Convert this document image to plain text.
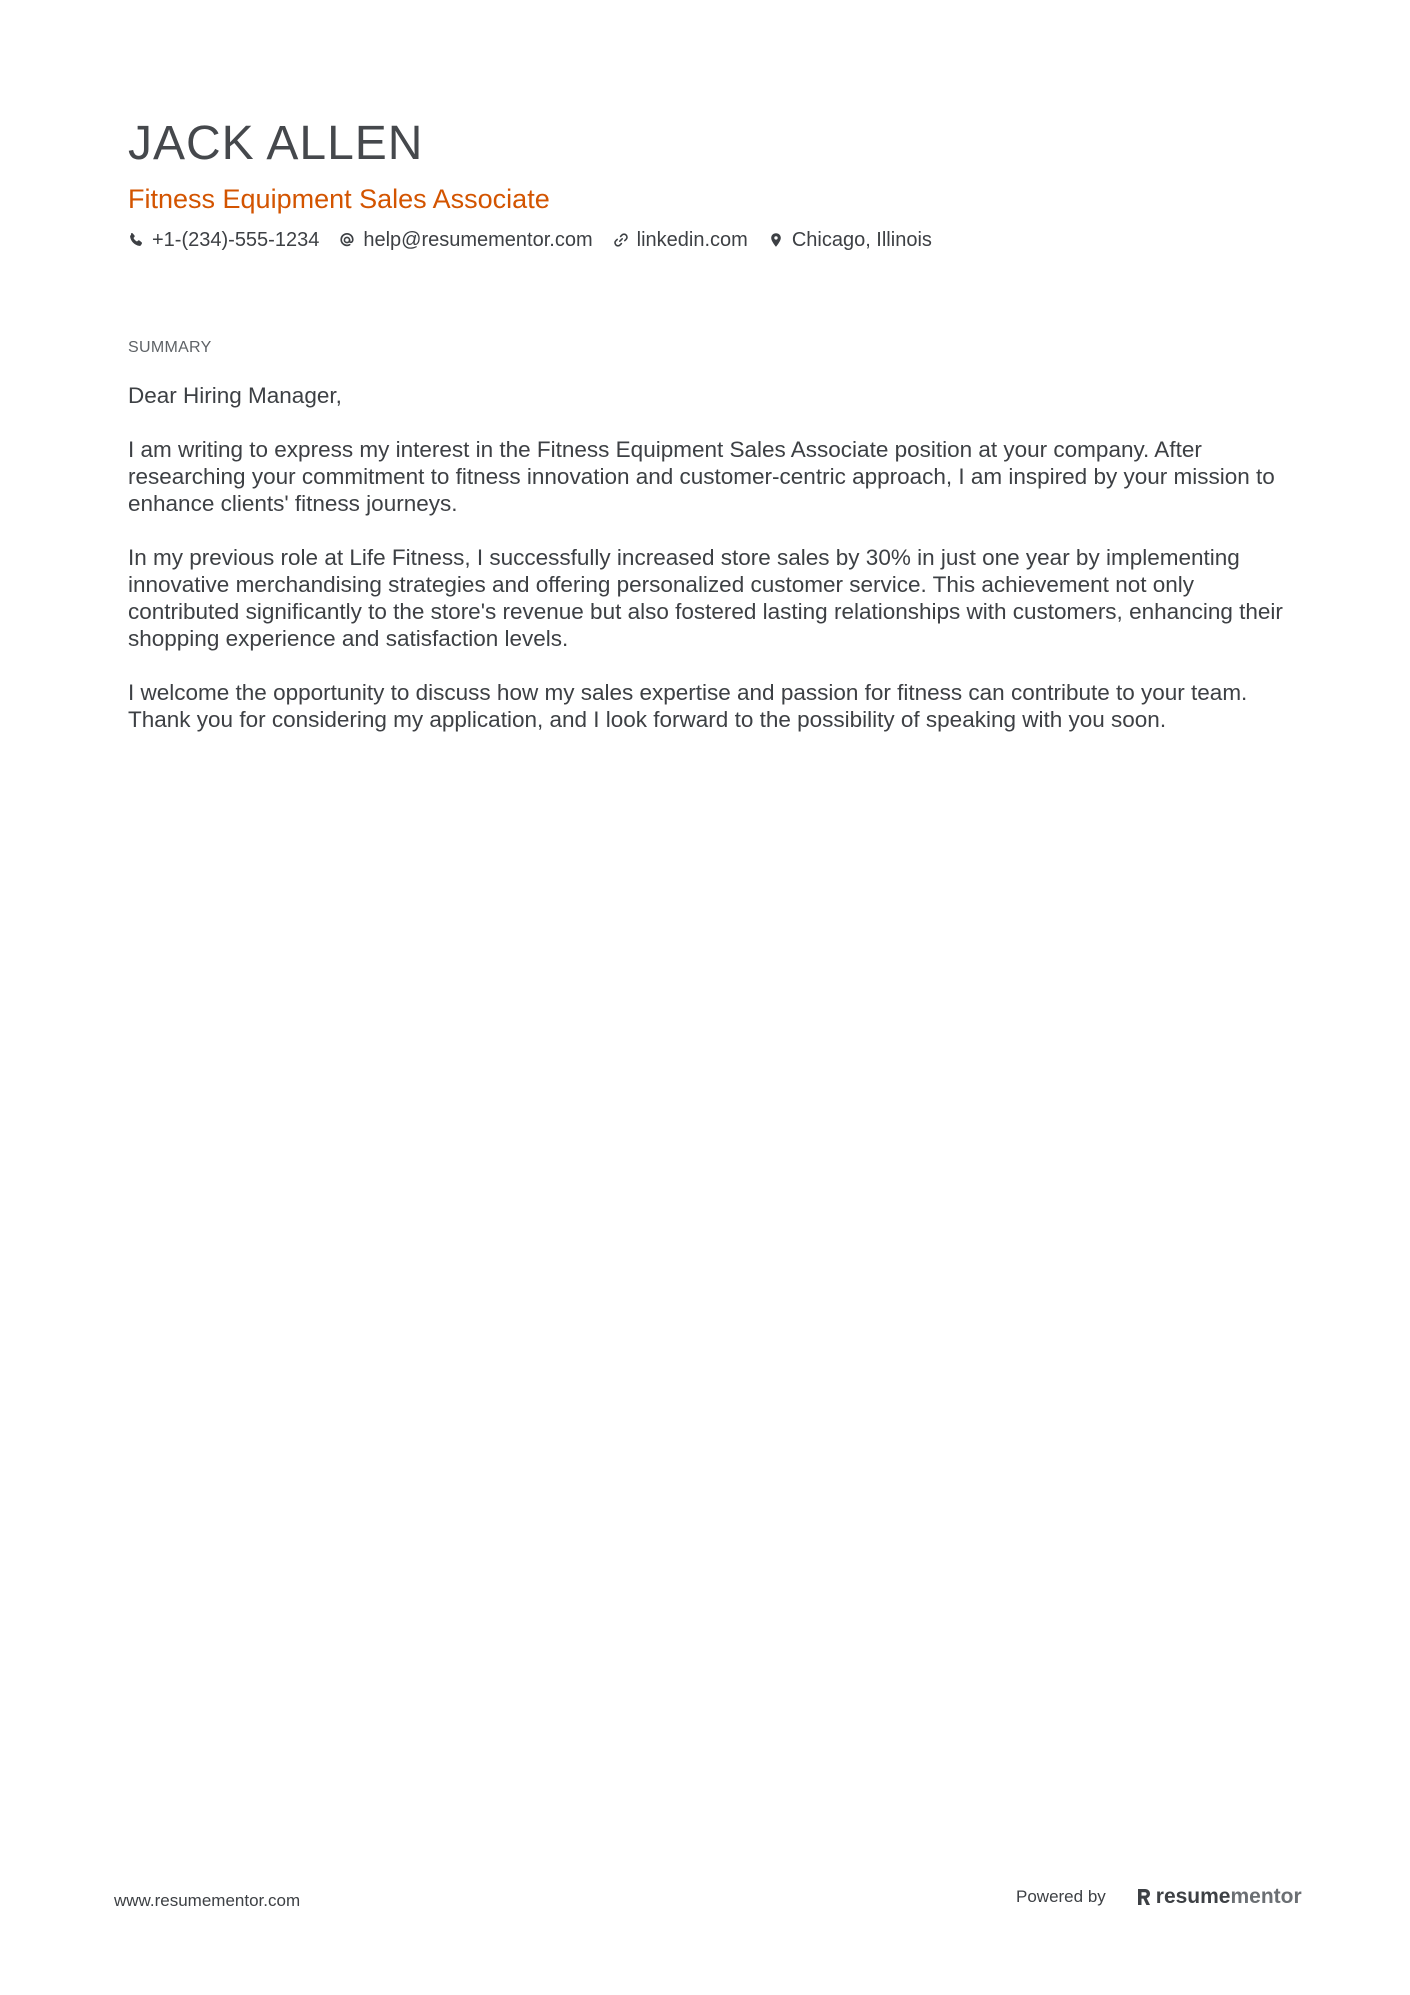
JACK ALLEN
Fitness Equipment Sales Associate
+1-(234)-555-1234 help@resumementor.com linkedin.com Chicago, Illinois
SUMMARY

Dear Hiring Manager,

I am writing to express my interest in the Fitness Equipment Sales Associate position at your company. After researching your commitment to fitness innovation and customer-centric approach, I am inspired by your mission to enhance clients' fitness journeys.

In my previous role at Life Fitness, I successfully increased store sales by 30% in just one year by implementing innovative merchandising strategies and offering personalized customer service. This achievement not only contributed significantly to the store's revenue but also fostered lasting relationships with customers, enhancing their shopping experience and satisfaction levels.

I welcome the opportunity to discuss how my sales expertise and passion for fitness can contribute to your team. Thank you for considering my application, and I look forward to the possibility of speaking with you soon.

www.resumementor.com	Powered by resume mentor
